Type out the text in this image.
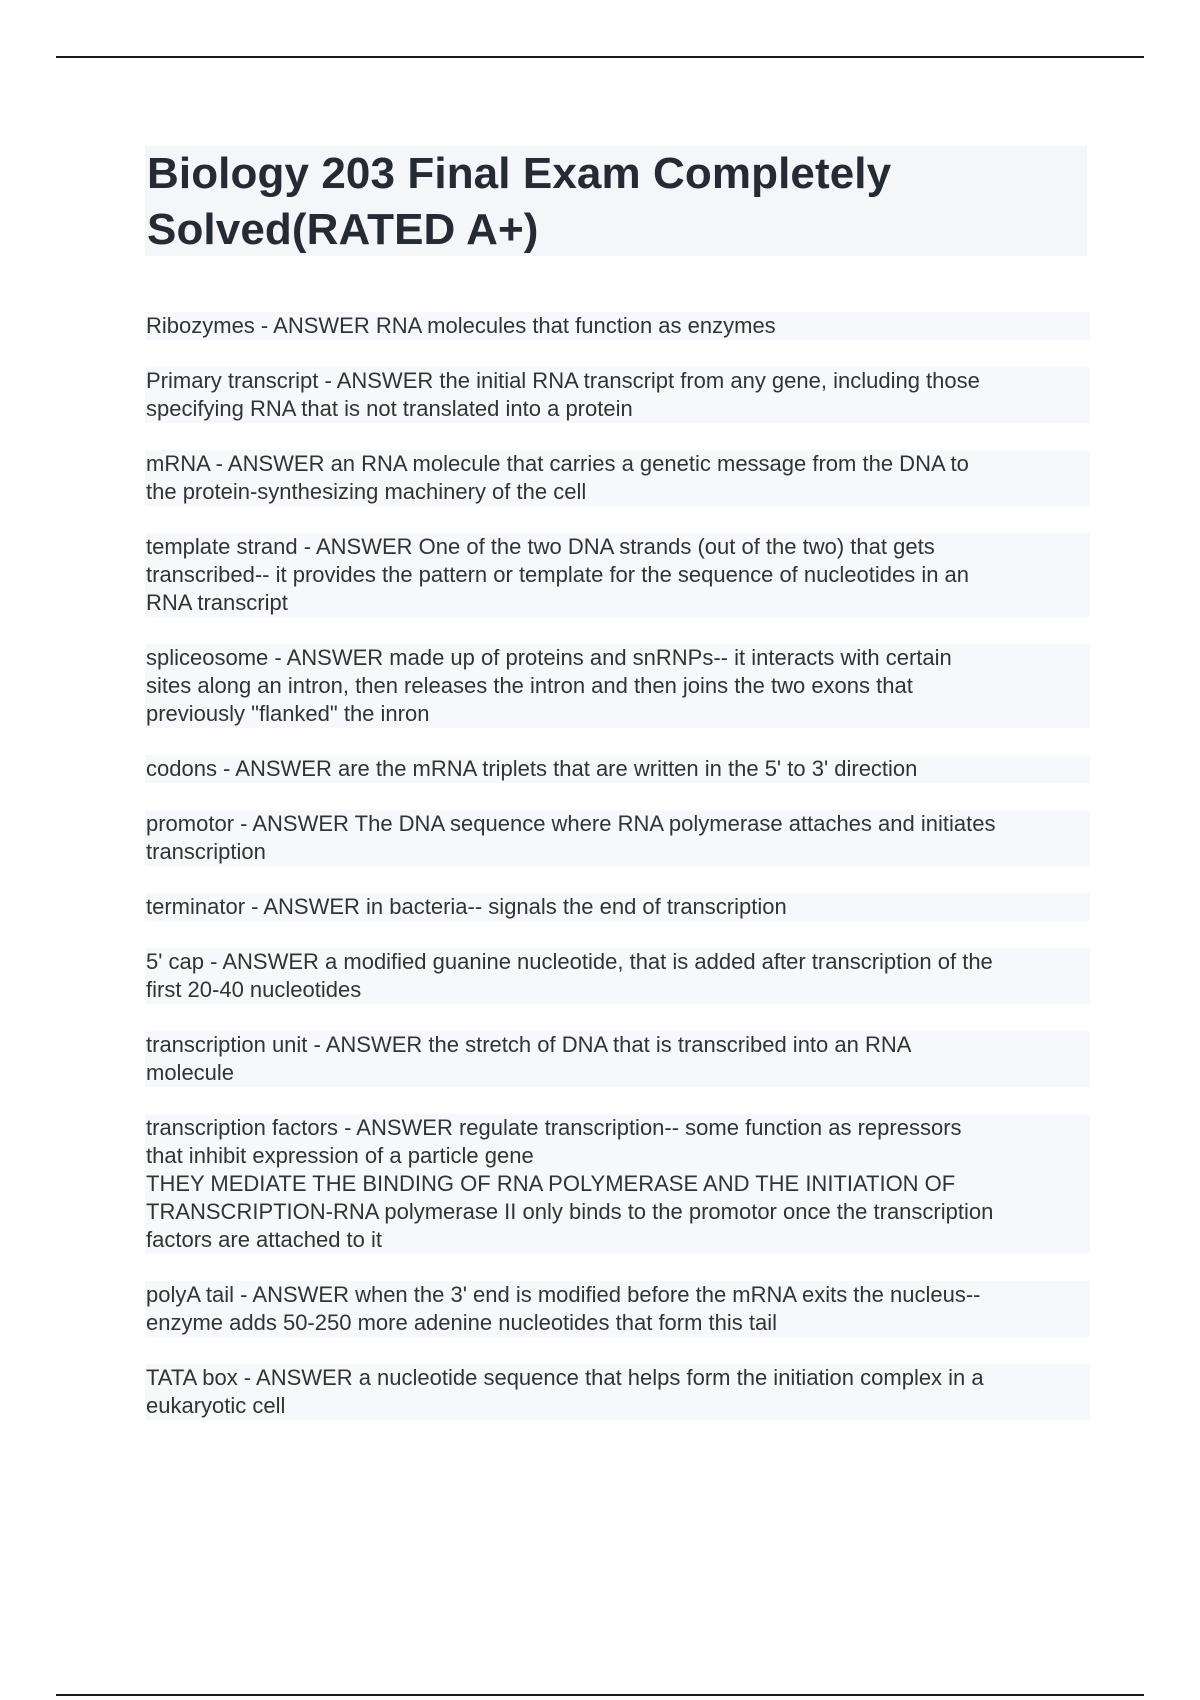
Biology 203 Final Exam Completely
Solved(RATED A+)
Ribozymes - ANSWER RNA molecules that function as enzymes
Primary transcript - ANSWER the initial RNA transcript from any gene, including those
specifying RNA that is not translated into a protein
mRNA - ANSWER an RNA molecule that carries a genetic message from the DNA to
the protein-synthesizing machinery of the cell
template strand - ANSWER One of the two DNA strands (out of the two) that gets
transcribed-- it provides the pattern or template for the sequence of nucleotides in an
RNA transcript
spliceosome - ANSWER made up of proteins and snRNPs-- it interacts with certain
sites along an intron, then releases the intron and then joins the two exons that
previously "flanked" the inron
codons - ANSWER are the mRNA triplets that are written in the 5' to 3' direction
promotor - ANSWER The DNA sequence where RNA polymerase attaches and initiates
transcription
terminator - ANSWER in bacteria-- signals the end of transcription
5' cap - ANSWER a modified guanine nucleotide, that is added after transcription of the
first 20-40 nucleotides
transcription unit - ANSWER the stretch of DNA that is transcribed into an RNA
molecule
transcription factors - ANSWER regulate transcription-- some function as repressors
that inhibit expression of a particle gene
THEY MEDIATE THE BINDING OF RNA POLYMERASE AND THE INITIATION OF
TRANSCRIPTION-RNA polymerase II only binds to the promotor once the transcription
factors are attached to it
polyA tail - ANSWER when the 3' end is modified before the mRNA exits the nucleus--
enzyme adds 50-250 more adenine nucleotides that form this tail
TATA box - ANSWER a nucleotide sequence that helps form the initiation complex in a
eukaryotic cell
